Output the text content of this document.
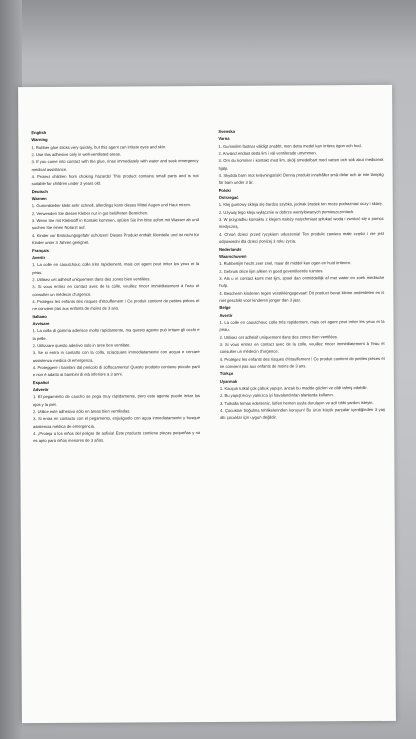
English
Warning

1. Rubber glue sticks very quickly, but this agent can irritate eyes and skin.

2. Use this adhesive only in well-ventilated areas.

3. If you come into contact with the glue, rinse immediately with water and seek emergency medical assistance.

4. Protect children from choking hazards! This product contains small parts and is not suitable for children under 3 years old.

Deutsch
Warnen

1. Gummikleber klebt sehr schnell, allerdings kann dieses Mittel Augen und Haut reizen.

2. Verwenden Sie diesen Kleber nur in gut belüfteten Bereichen.

3. Wenn Sie mit Klebstoff in Kontakt kommen, spülen Sie ihn bitte sofort mit Wasser ab und suchen Sie einen Notarzt auf.

4. Kinder vor Erstickungsgefahr schützen! Dieses Produkt enthält Kleinteile und ist nicht für Kinder unter 3 Jahren geeignet.

Français
Avertir

1. La colle en caoutchouc colle très rapidement, mais cet agent peut irriter les yeux et la peau.

2. Utilisez cet adhésif uniquement dans des zones bien ventilées.

3. Si vous entrez en contact avec de la colle, veuillez rincer immédiatement à l'eau et consulter un médecin d'urgence.

4. Protégez les enfants des risques d'étouffement ! Ce produit contient de petites pièces et ne convient pas aux enfants de moins de 3 ans.

Italiano
Avvisare

1. La colla di gomma aderisce molto rapidamente, ma questo agente può irritare gli occhi e la pelle.

2. Utilizzare questo adesivo solo in aree ben ventilate.

3. Se si entra in contatto con la colla, sciacquare immediatamente con acqua e cercare assistenza medica di emergenza.

4. Proteggere i bambini dal pericolo di soffocamento! Questo prodotto contiene piccole parti e non è adatto ai bambini di età inferiore a 3 anni.

Español
Advertir

1. El pegamento de caucho se pega muy rápidamente, pero este agente puede irritar los ojos y la piel.

2. Utilice este adhesivo sólo en áreas bien ventiladas.

3. Si entra en contacto con el pegamento, enjuáguelo con agua inmediatamente y busque asistencia médica de emergencia.

4. ¡Proteja a los niños del peligro de asfixia! Este producto contiene piezas pequeñas y no es apto para niños menores de 3 años.

Svenska
Varna

1. Gummilim fastnar väldigt snabbt, men detta medel kan irritera ögon och hud.

2. Använd endast detta lim i väl ventilerade utrymmen.

3. Om du kommer i kontakt med lim, skölj omedelbart med vatten och sök akut medicinsk hjälp.

4. Skydda barn mot kvävningsrisk! Denna produkt innehåller små delar och är inte lämplig för barn under 3 år.

Polski
Ostrzegać

1. Klej gumowy skleja się bardzo szybko, jednak środek ten może podrażniać oczy i skórę.

2. Używaj tego kleju wyłącznie w dobrze wentylowanych pomieszczeniach.

3. W przypadku kontaktu z klejem należy natychmiast spłukać wodą i zwrócić się o pomoc medyczną.

4. Chroń dzieci przed ryzykiem uduszenia! Ten produkt zawiera małe części i nie jest odpowiedni dla dzieci poniżej 3 roku życia.

Nederlands
Waarschuwen

1. Rubberlijm hecht zeer snel, maar dit middel kan ogen en huid irriteren.

2. Gebruik deze lijm alleen in goed geventileerde ruimtes.

3. Als u in contact komt met lijm, spoel dan onmiddellijk af met water en zoek medische hulp.

4. Bescherm kinderen tegen verstikkingsgevaar! Dit product bevat kleine onderdelen en is niet geschikt voor kinderen jonger dan 3 jaar.

Belge
Avertir

1. La colle en caoutchouc colle très rapidement, mais cet agent peut irriter les yeux et la peau.

2. Utilisez cet adhésif uniquement dans des zones bien ventilées.

3. Si vous entrez en contact avec de la colle, veuillez rincer immédiatement à l'eau et consulter un médecin d'urgence.

4. Protégez les enfants des risques d'étouffement ! Ce produit contient de petites pièces et ne convient pas aux enfants de moins de 3 ans.

Türkçe
Uyarmak

1. Kauçuk tutkal çok çabuk yapışır, ancak bu madde gözleri ve cildi tahriş edebilir.

2. Bu yapıştırıcıyı yalnızca iyi havalandırılan alanlarda kullanın.

3. Tutkalla temas ederseniz, lütfen hemen suyla durulayın ve acil tıbbi yardım isteyin.

4. Çocukları boğulma tehlikelerinden koruyun! Bu ürün küçük parçalar içerdiğinden 3 yaş altı çocuklar için uygun değildir.
